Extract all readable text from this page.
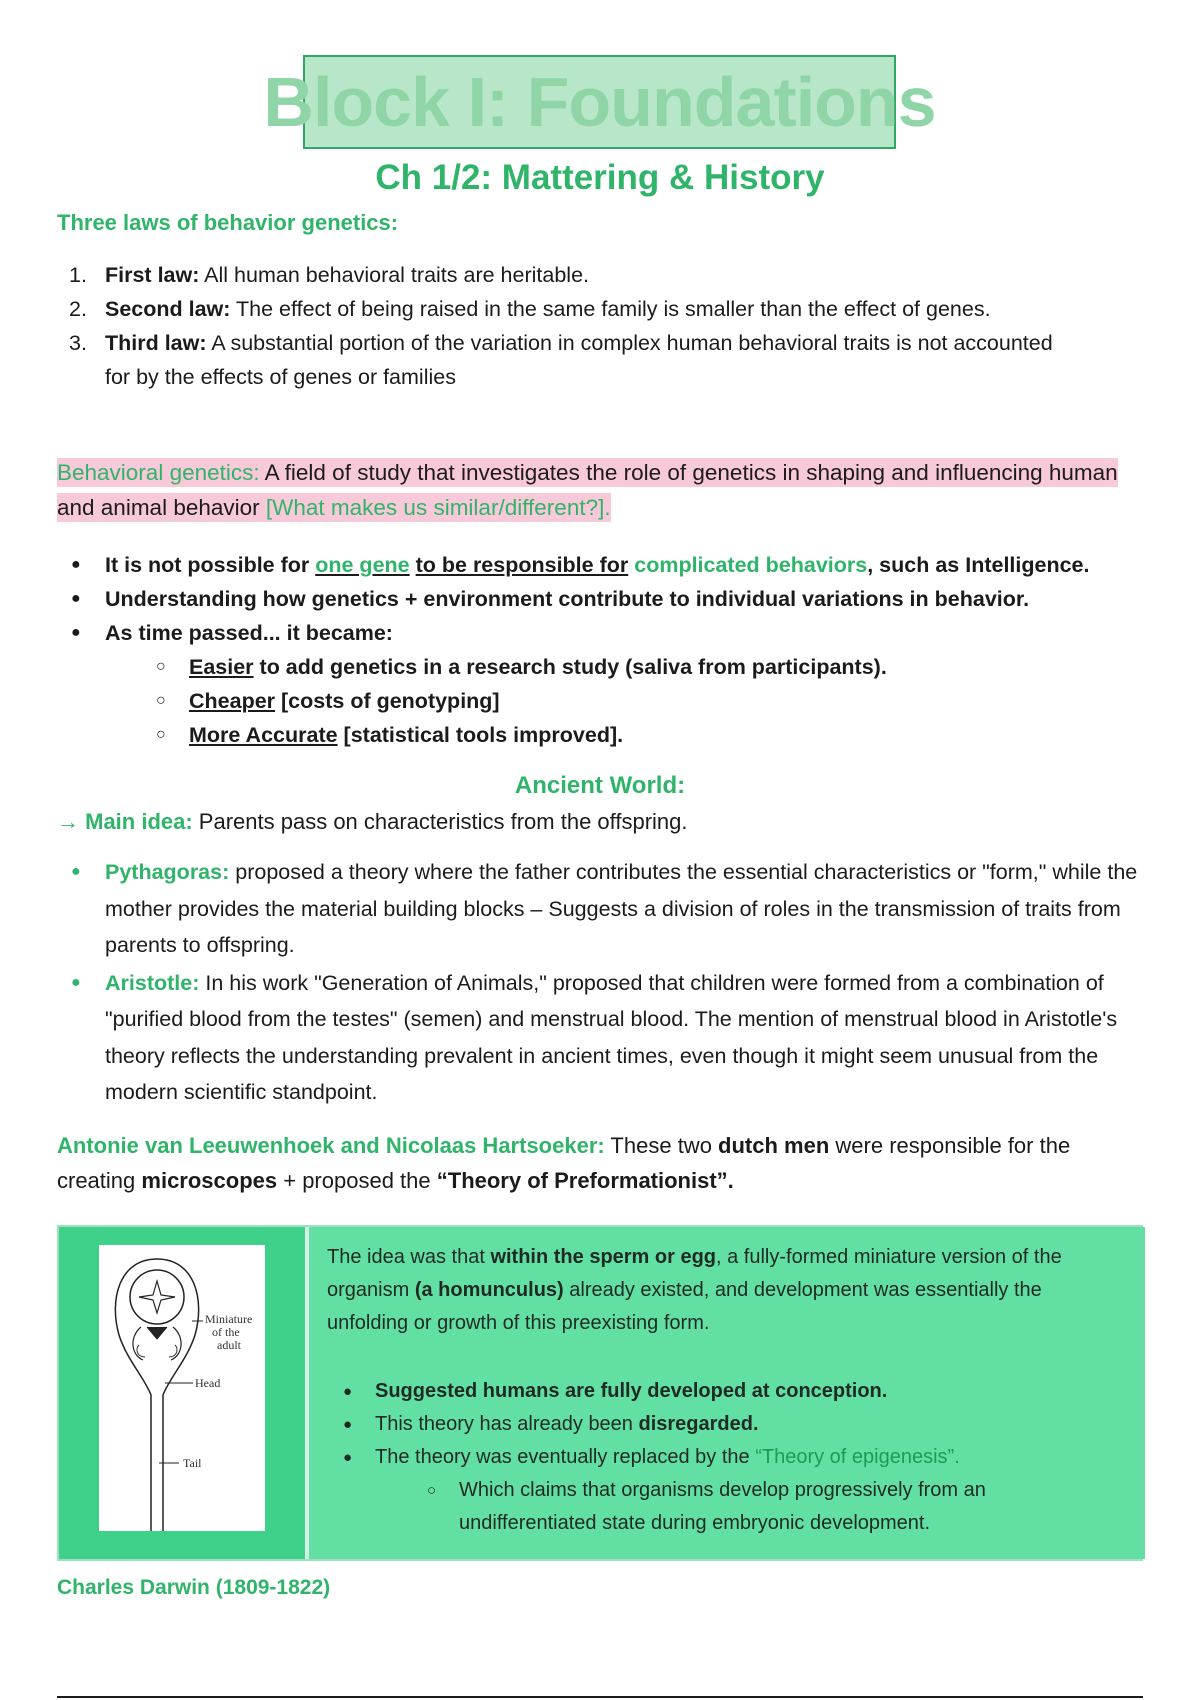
Block I: Foundations
Ch 1/2: Mattering & History
Three laws of behavior genetics:
1. First law: All human behavioral traits are heritable.
2. Second law: The effect of being raised in the same family is smaller than the effect of genes.
3. Third law: A substantial portion of the variation in complex human behavioral traits is not accounted for by the effects of genes or families
Behavioral genetics: A field of study that investigates the role of genetics in shaping and influencing human and animal behavior [What makes us similar/different?].
● It is not possible for one gene to be responsible for complicated behaviors, such as Intelligence.
● Understanding how genetics + environment contribute to individual variations in behavior.
● As time passed... it became:
○ Easier to add genetics in a research study (saliva from participants).
○ Cheaper [costs of genotyping]
○ More Accurate [statistical tools improved].
Ancient World:
→ Main idea: Parents pass on characteristics from the offspring.
● Pythagoras: proposed a theory where the father contributes the essential characteristics or "form," while the mother provides the material building blocks – Suggests a division of roles in the transmission of traits from parents to offspring.
● Aristotle: In his work "Generation of Animals," proposed that children were formed from a combination of "purified blood from the testes" (semen) and menstrual blood. The mention of menstrual blood in Aristotle's theory reflects the understanding prevalent in ancient times, even though it might seem unusual from the modern scientific standpoint.
Antonie van Leeuwenhoek and Nicolaas Hartsoeker: These two dutch men were responsible for the creating microscopes + proposed the “Theory of Preformationist”.
Miniature
of the
adult
Head
Tail
The idea was that within the sperm or egg, a fully-formed miniature version of the organism (a homunculus) already existed, and development was essentially the unfolding or growth of this preexisting form.
● Suggested humans are fully developed at conception.
● This theory has already been disregarded.
● The theory was eventually replaced by the “Theory of epigenesis”.
○ Which claims that organisms develop progressively from an undifferentiated state during embryonic development.
Charles Darwin (1809-1822)
